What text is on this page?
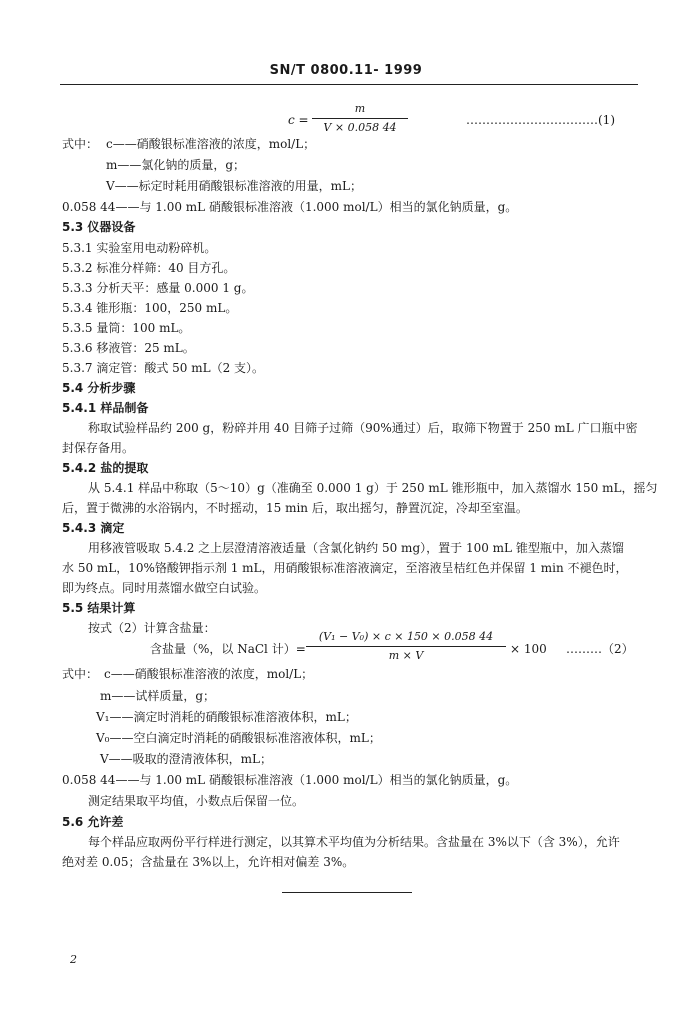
SN/T 0800.11- 1999
c =
m
V × 0.058 44
……………………………(1)
式中： c——硝酸银标准溶液的浓度，mol/L；
m——氯化钠的质量，g；
V——标定时耗用硝酸银标准溶液的用量，mL；
0.058 44——与 1.00 mL 硝酸银标准溶液（1.000 mol/L）相当的氯化钠质量，g。
5.3 仪器设备
5.3.1 实验室用电动粉碎机。
5.3.2 标准分样筛：40 目方孔。
5.3.3 分析天平：感量 0.000 1 g。
5.3.4 锥形瓶：100，250 mL。
5.3.5 量筒：100 mL。
5.3.6 移液管：25 mL。
5.3.7 滴定管：酸式 50 mL（2 支）。
5.4 分析步骤
5.4.1 样品制备
称取试验样品约 200 g，粉碎并用 40 目筛子过筛（90%通过）后，取筛下物置于 250 mL 广口瓶中密
封保存备用。
5.4.2 盐的提取
从 5.4.1 样品中称取（5～10）g（准确至 0.000 1 g）于 250 mL 锥形瓶中，加入蒸馏水 150 mL，摇匀
后，置于微沸的水浴锅内，不时摇动，15 min 后，取出摇匀，静置沉淀，冷却至室温。
5.4.3 滴定
用移液管吸取 5.4.2 之上层澄清溶液适量（含氯化钠约 50 mg），置于 100 mL 锥型瓶中，加入蒸馏
水 50 mL，10%铬酸钾指示剂 1 mL，用硝酸银标准溶液滴定，至溶液呈桔红色并保留 1 min 不褪色时，
即为终点。同时用蒸馏水做空白试验。
5.5 结果计算
按式（2）计算含盐量：
含盐量（%，以 NaCl 计）=
(V₁ − V₀) × c × 150 × 0.058 44
m × V	× 100 ………（2）
式中： c——硝酸银标准溶液的浓度，mol/L；
m——试样质量，g；
V₁——滴定时消耗的硝酸银标准溶液体积，mL；
V₀——空白滴定时消耗的硝酸银标准溶液体积，mL；
V——吸取的澄清液体积，mL；
0.058 44——与 1.00 mL 硝酸银标准溶液（1.000 mol/L）相当的氯化钠质量，g。
测定结果取平均值，小数点后保留一位。
5.6 允许差
每个样品应取两份平行样进行测定，以其算术平均值为分析结果。含盐量在 3%以下（含 3%），允许
绝对差 0.05；含盐量在 3%以上，允许相对偏差 3%。
2
